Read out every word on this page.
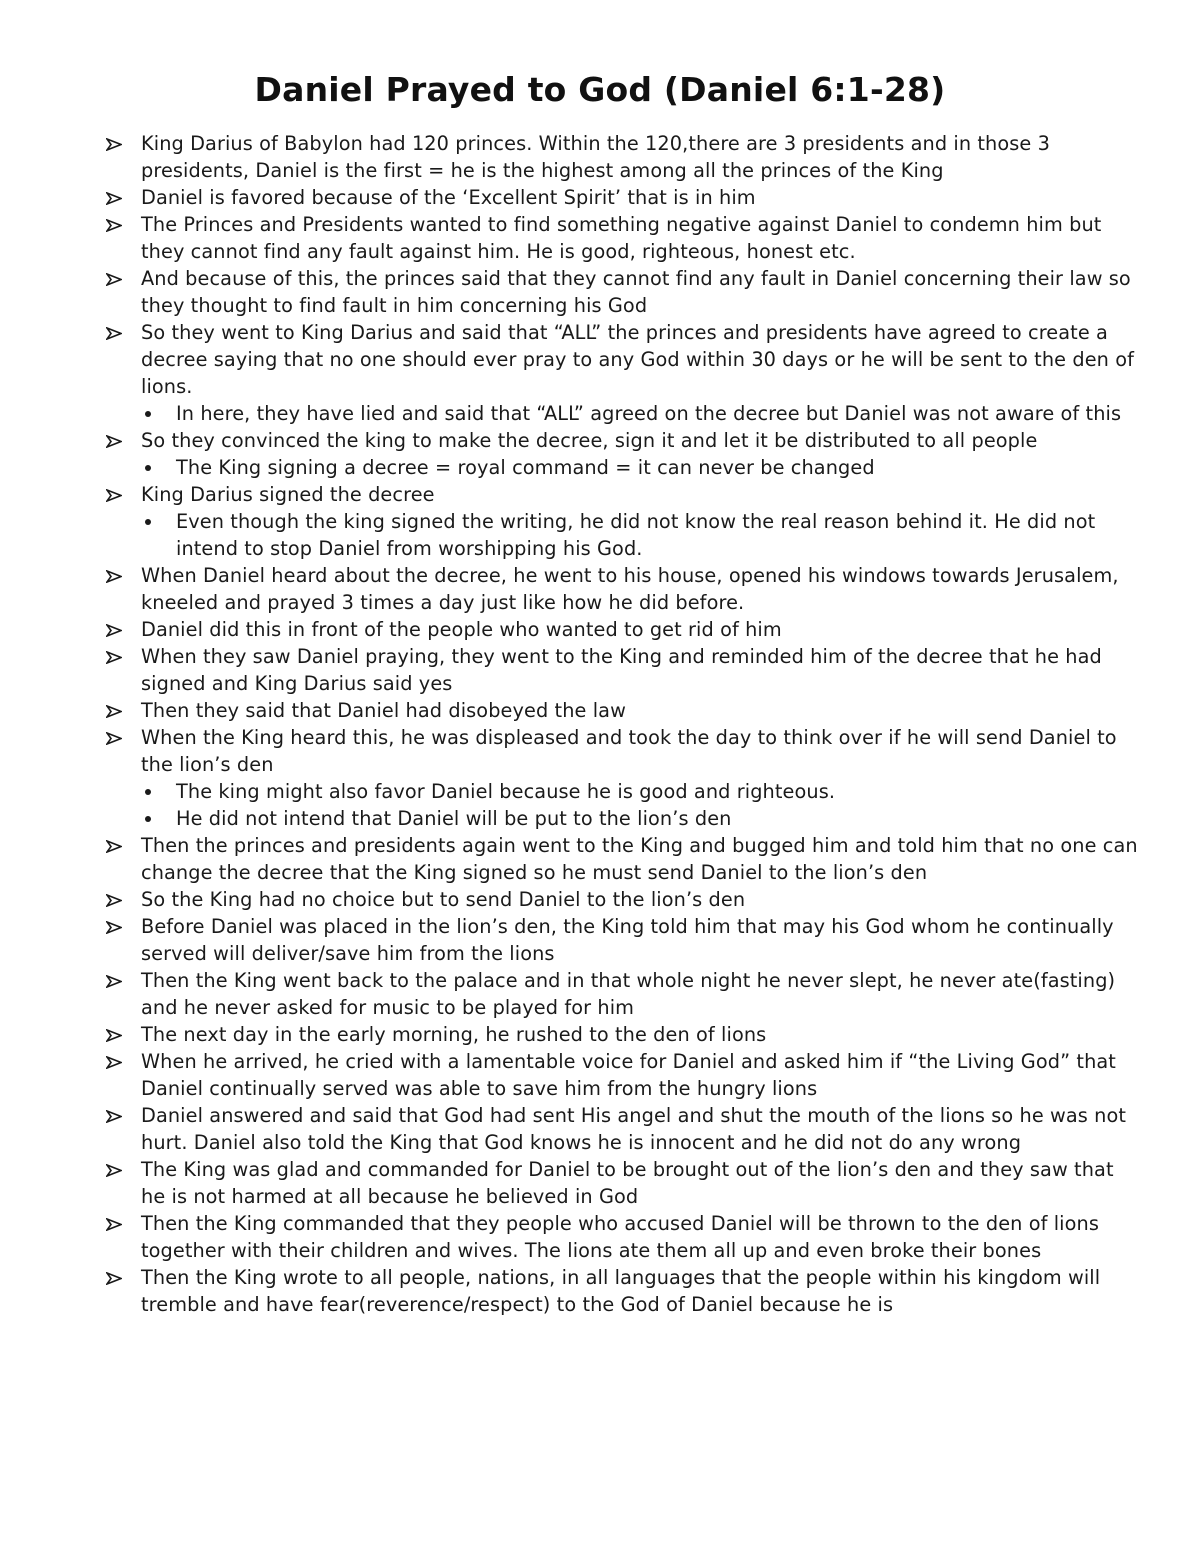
Daniel Prayed to God (Daniel 6:1-28)
King Darius of Babylon had 120 princes. Within the 120,there are 3 presidents and in those 3 presidents, Daniel is the first = he is the highest among all the princes of the King
Daniel is favored because of the ‘Excellent Spirit’ that is in him
The Princes and Presidents wanted to find something negative against Daniel to condemn him but they cannot find any fault against him. He is good, righteous, honest etc.
And because of this, the princes said that they cannot find any fault in Daniel concerning their law so they thought to find fault in him concerning his God
So they went to King Darius and said that “ALL” the princes and presidents have agreed to create a decree saying that no one should ever pray to any God within 30 days or he will be sent to the den of lions.
In here, they have lied and said that “ALL” agreed on the decree but Daniel was not aware of this
So they convinced the king to make the decree, sign it and let it be distributed to all people
The King signing a decree = royal command = it can never be changed
King Darius signed the decree
Even though the king signed the writing, he did not know the real reason behind it. He did not intend to stop Daniel from worshipping his God.
When Daniel heard about the decree, he went to his house, opened his windows towards Jerusalem, kneeled and prayed 3 times a day just like how he did before.
Daniel did this in front of the people who wanted to get rid of him
When they saw Daniel praying, they went to the King and reminded him of the decree that he had signed and King Darius said yes
Then they said that Daniel had disobeyed the law
When the King heard this, he was displeased and took the day to think over if he will send Daniel to the lion’s den
The king might also favor Daniel because he is good and righteous.
He did not intend that Daniel will be put to the lion’s den
Then the princes and presidents again went to the King and bugged him and told him that no one can change the decree that the King signed so he must send Daniel to the lion’s den
So the King had no choice but to send Daniel to the lion’s den
Before Daniel was placed in the lion’s den, the King told him that may his God whom he continually served will deliver/save him from the lions
Then the King went back to the palace and in that whole night he never slept, he never ate(fasting) and he never asked for music to be played for him
The next day in the early morning, he rushed to the den of lions
When he arrived, he cried with a lamentable voice for Daniel and asked him if “the Living God” that Daniel continually served was able to save him from the hungry lions
Daniel answered and said that God had sent His angel and shut the mouth of the lions so he was not hurt. Daniel also told the King that God knows he is innocent and he did not do any wrong
The King was glad and commanded for Daniel to be brought out of the lion’s den and they saw that he is not harmed at all because he believed in God
Then the King commanded that they people who accused Daniel will be thrown to the den of lions together with their children and wives. The lions ate them all up and even broke their bones
Then the King wrote to all people, nations, in all languages that the people within his kingdom will tremble and have fear(reverence/respect) to the God of Daniel because he is
